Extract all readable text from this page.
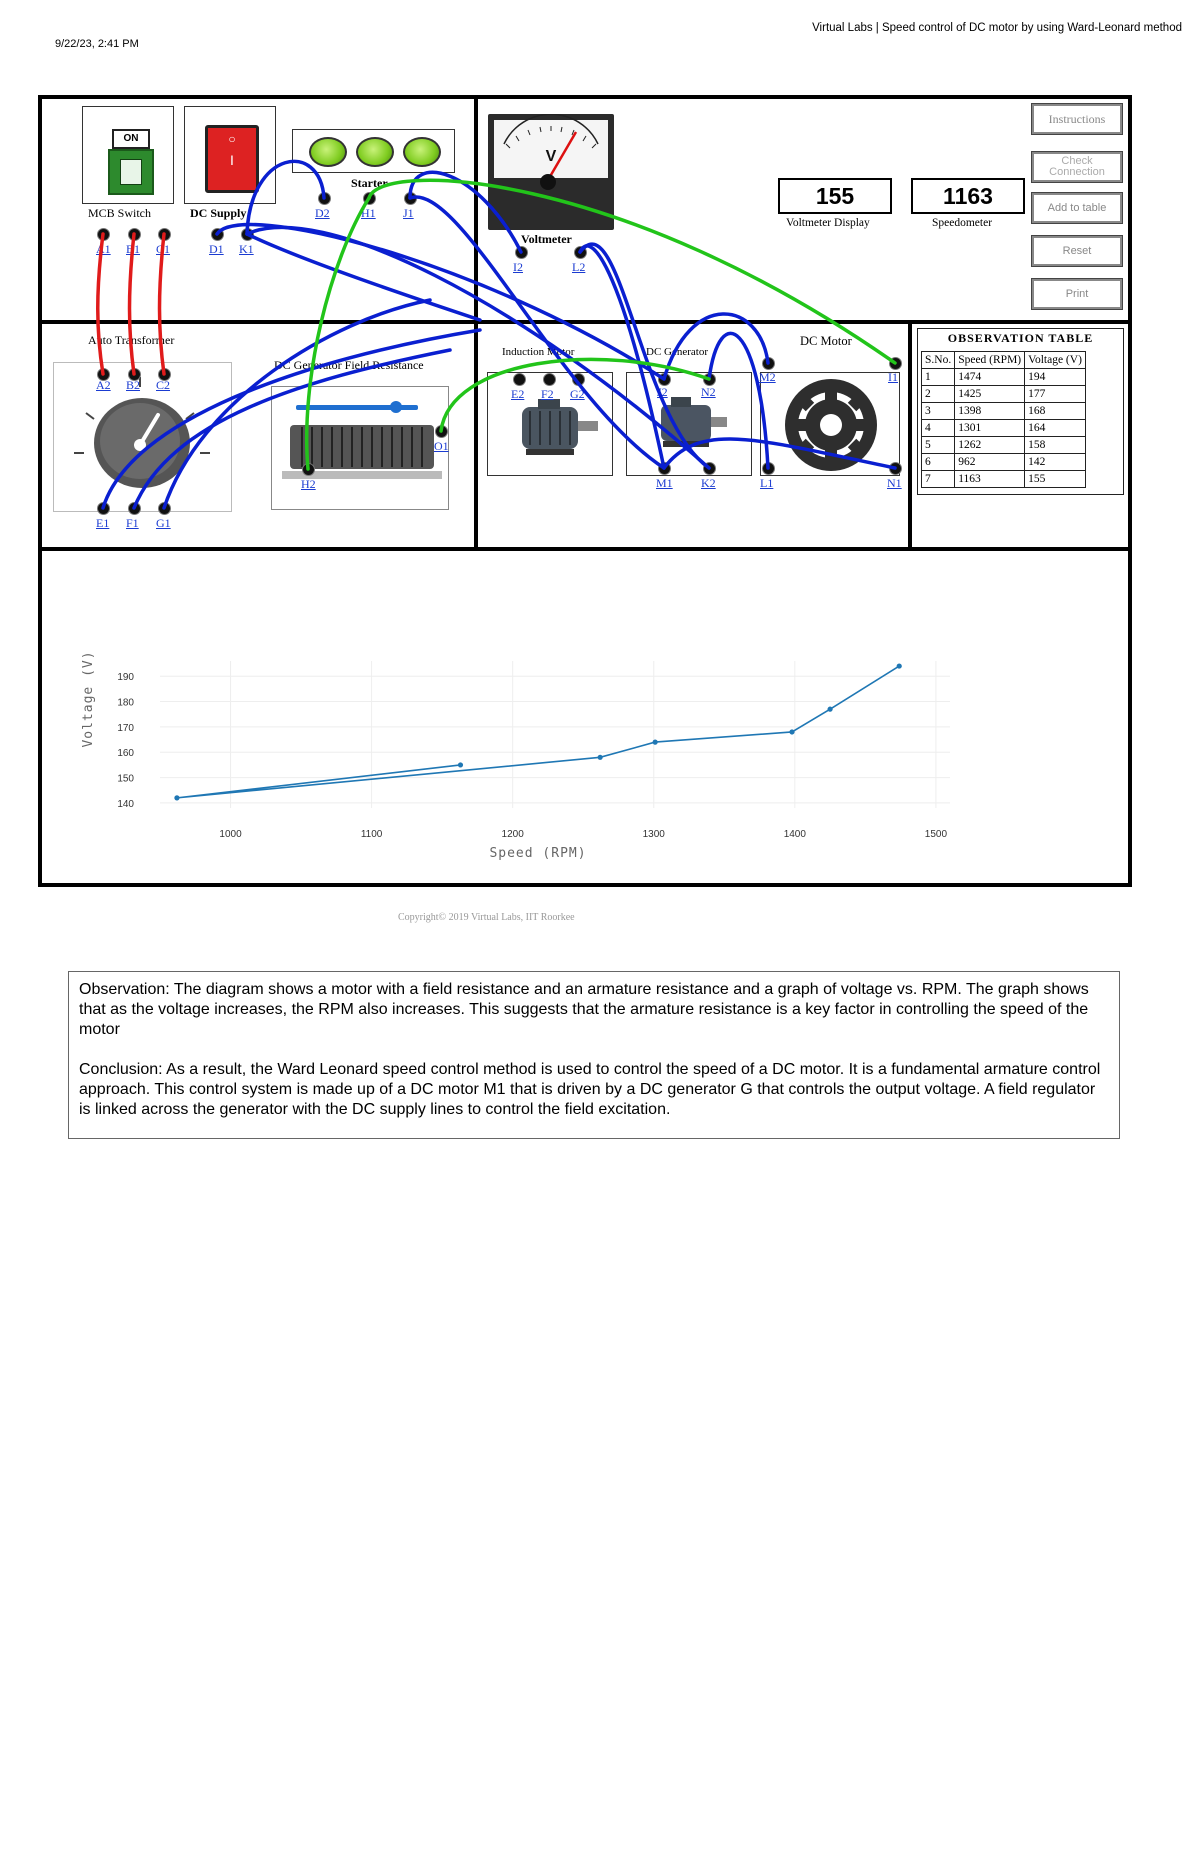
9/22/23, 2:41 PM
Virtual Labs | Speed control of DC motor by using Ward-Leonard method
ON
MCB Switch
○
I
DC Supply
Starter
V
Voltmeter
155
Voltmeter Display
1163
Speedometer
Instructions
Check Connection
Add to table
Reset
Print
Auto Transformer
DC Generator Field Resistance
Induction Motor	DC Generator
DC Motor	OBSERVATION TABLE
S.No.	Speed (RPM)	Voltage (V)
1	1474	194
2	1425	177
3	1398	168
4	1301	164
5	1262	158
6	962	142
7	1163	155
A1 B1 C1	D1 K1
D2	H1 J1
I2	L2
A2 B2 C2
E1 F1 G1
O1
H2
E2 F2 G2	J2	N2
M1 K2
M2
L1
I1
N1
1000	1100	1200	1300	1400	1500
140
150
160
170
180
190
Speed (RPM)
Voltage (V)
Copyright© 2019 Virtual Labs, IIT Roorkee

Observation: The diagram shows a motor with a field resistance and an armature resistance and a graph of voltage vs. RPM. The graph shows that as the voltage increases, the RPM also increases. This suggests that the armature resistance is a key factor in controlling the speed of the motor

Conclusion: As a result, the Ward Leonard speed control method is used to control the speed of a DC motor. It is a fundamental armature control approach. This control system is made up of a DC motor M1 that is driven by a DC generator G that controls the output voltage. A field regulator is linked across the generator with the DC supply lines to control the field excitation.
